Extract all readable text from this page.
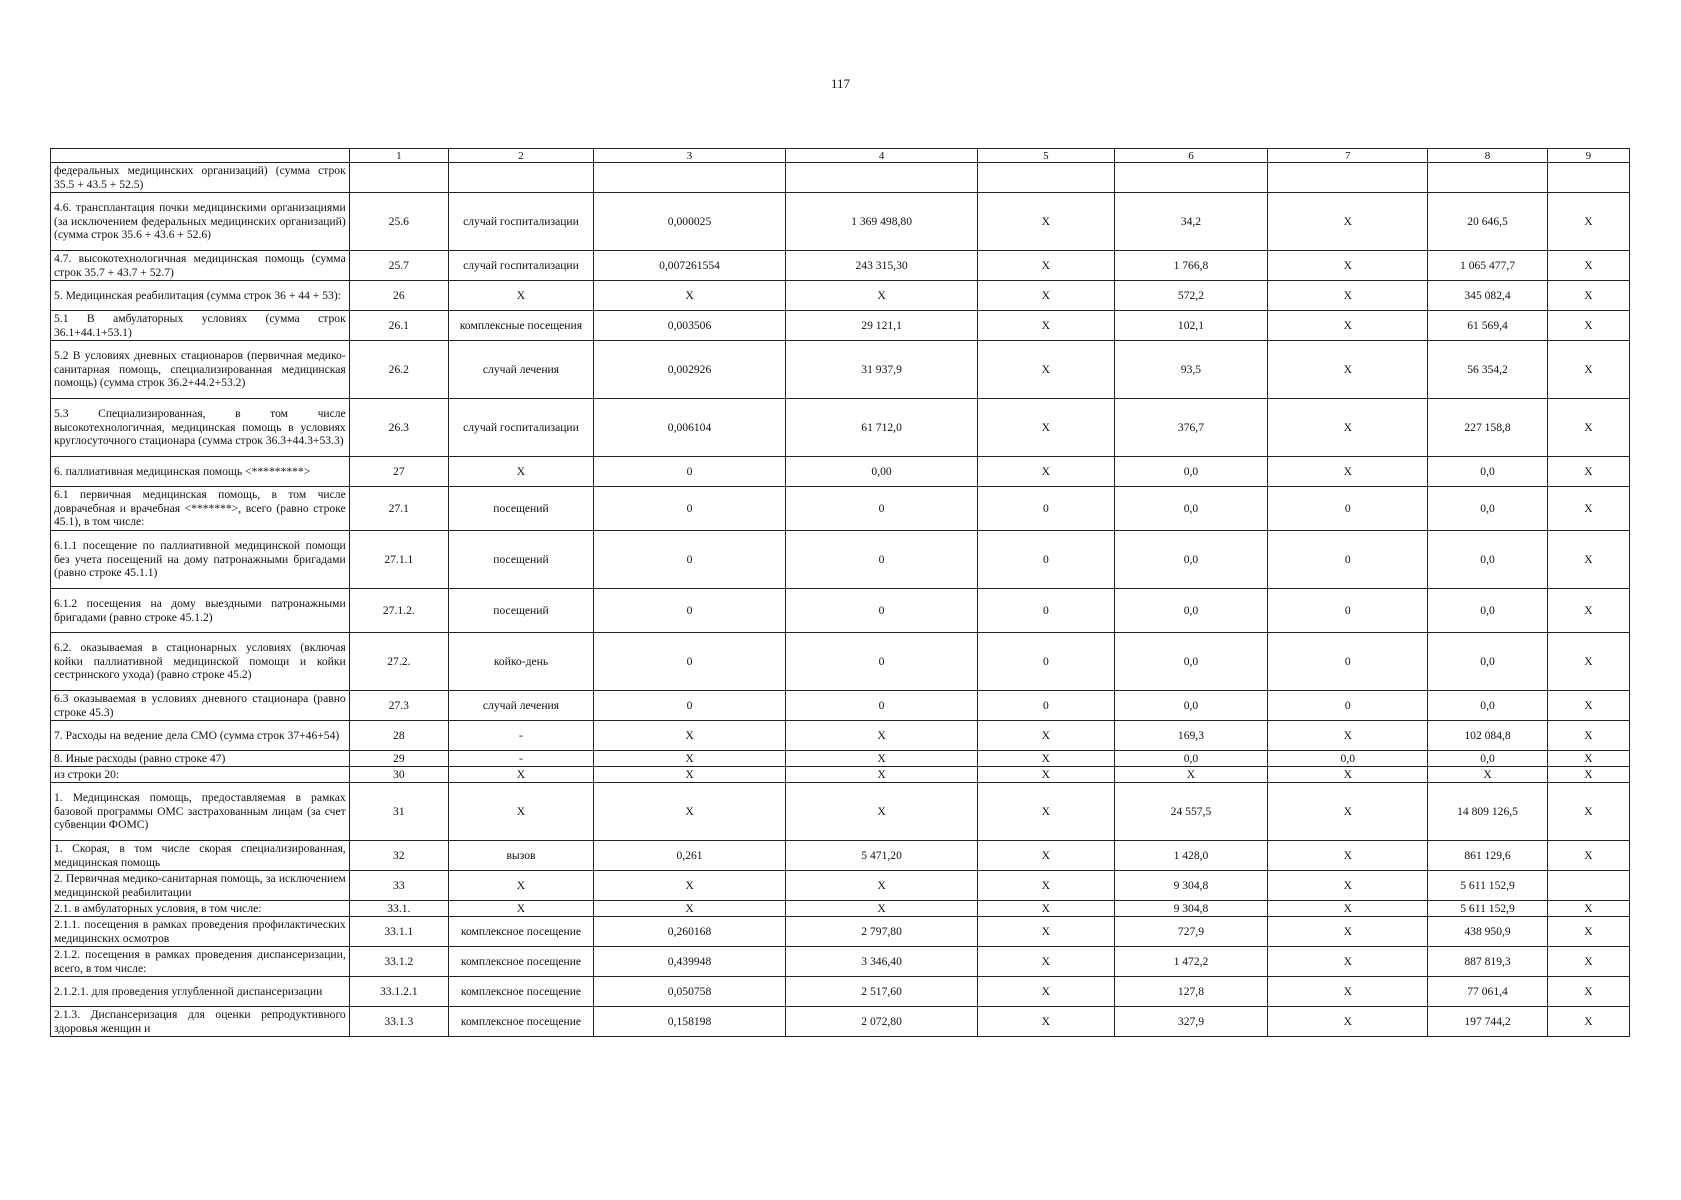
117
	1	2	3	4	5	6	7	8	9
федеральных медицинских организаций) (сумма строк 35.5 + 43.5 + 52.5)									
4.6. трансплантация почки медицинскими организациями (за исключением федеральных медицинских организаций) (сумма строк 35.6 + 43.6 + 52.6)	25.6	случай госпитализации	0,000025	1 369 498,80	Х	34,2	Х	20 646,5	Х
4.7. высокотехнологичная медицинская помощь (сумма строк 35.7 + 43.7 + 52.7)	25.7	случай госпитализации	0,007261554	243 315,30	Х	1 766,8	Х	1 065 477,7	Х
5. Медицинская реабилитация (сумма строк 36 + 44 + 53):	26	Х	Х	Х	Х	572,2	Х	345 082,4	Х
5.1 В амбулаторных условиях (сумма строк 36.1+44.1+53.1)	26.1	комплексные посещения	0,003506	29 121,1	Х	102,1	Х	61 569,4	Х
5.2 В условиях дневных стационаров (первичная медико-санитарная помощь, специализированная медицинская помощь) (сумма строк 36.2+44.2+53.2)	26.2	случай лечения	0,002926	31 937,9	Х	93,5	Х	56 354,2	Х
5.3 Специализированная, в том числе высокотехнологичная, медицинская помощь в условиях круглосуточного стационара (сумма строк 36.3+44.3+53.3)	26.3	случай госпитализации	0,006104	61 712,0	Х	376,7	Х	227 158,8	Х
6. паллиативная медицинская помощь <*********>	27	Х	0	0,00	Х	0,0	Х	0,0	Х
6.1 первичная медицинская помощь, в том числе доврачебная и врачебная <*******>, всего (равно строке 45.1), в том числе:	27.1	посещений	0	0	0	0,0	0	0,0	Х
6.1.1 посещение по паллиативной медицинской помощи без учета посещений на дому патронажными бригадами (равно строке 45.1.1)	27.1.1	посещений	0	0	0	0,0	0	0,0	Х
6.1.2 посещения на дому выездными патронажными бригадами (равно строке 45.1.2)	27.1.2.	посещений	0	0	0	0,0	0	0,0	Х
6.2. оказываемая в стационарных условиях (включая койки паллиативной медицинской помощи и койки сестринского ухода) (равно строке 45.2)	27.2.	койко-день	0	0	0	0,0	0	0,0	Х
6.3 оказываемая в условиях дневного стационара (равно строке 45.3)	27.3	случай лечения	0	0	0	0,0	0	0,0	Х
7. Расходы на ведение дела СМО (сумма строк 37+46+54)	28	-	Х	Х	Х	169,3	Х	102 084,8	Х
8. Иные расходы (равно строке 47)	29	-	Х	Х	Х	0,0	0,0	0,0	Х
из строки 20:	30	Х	Х	Х	Х	Х	Х	Х	Х
1. Медицинская помощь, предоставляемая в рамках базовой программы ОМС застрахованным лицам (за счет субвенции ФОМС)	31	Х	Х	Х	Х	24 557,5	Х	14 809 126,5	Х
1. Скорая, в том числе скорая специализированная, медицинская помощь	32	вызов	0,261	5 471,20	Х	1 428,0	Х	861 129,6	Х
2. Первичная медико-санитарная помощь, за исключением медицинской реабилитации	33	Х	Х	Х	Х	9 304,8	Х	5 611 152,9	
2.1. в амбулаторных условия, в том числе:	33.1.	Х	Х	Х	Х	9 304,8	Х	5 611 152,9	Х
2.1.1. посещения в рамках проведения профилактических медицинских осмотров	33.1.1	комплексное посещение	0,260168	2 797,80	Х	727,9	Х	438 950,9	Х
2.1.2. посещения в рамках проведения диспансеризации, всего, в том числе:	33.1.2	комплексное посещение	0,439948	3 346,40	Х	1 472,2	Х	887 819,3	Х
2.1.2.1. для проведения углубленной диспансеризации	33.1.2.1	комплексное посещение	0,050758	2 517,60	Х	127,8	Х	77 061,4	Х
2.1.3. Диспансеризация для оценки репродуктивного здоровья женщин и	33.1.3	комплексное посещение	0,158198	2 072,80	Х	327,9	Х	197 744,2	Х
